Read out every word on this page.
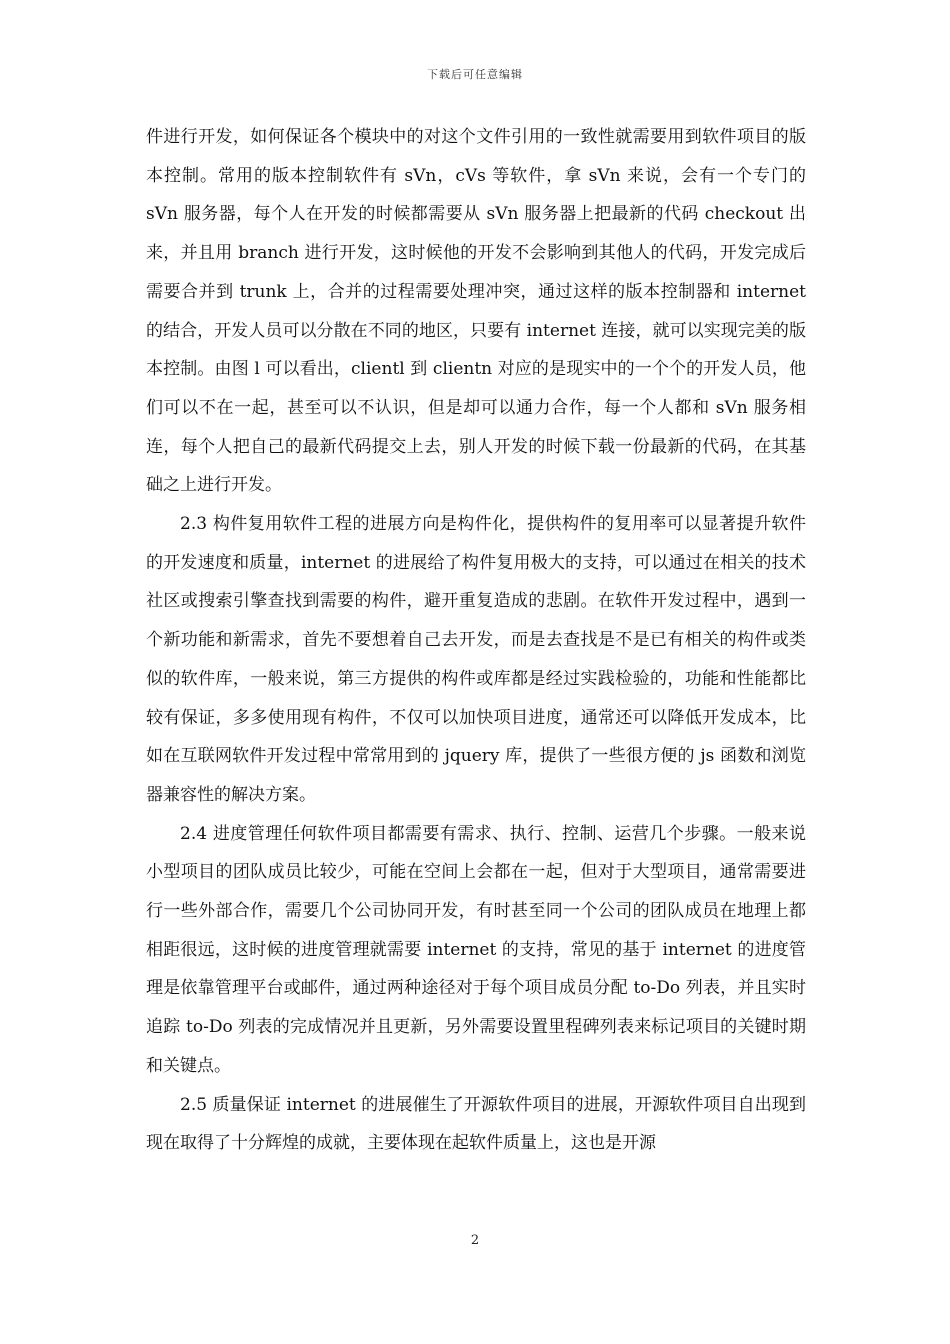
下载后可任意编辑

件进行开发，如何保证各个模块中的对这个文件引用的一致性就需要用到软件项目的版本控制。常用的版本控制软件有 sVn，cVs 等软件，拿 sVn 来说，会有一个专门的 sVn 服务器，每个人在开发的时候都需要从 sVn 服务器上把最新的代码 checkout 出来，并且用 branch 进行开发，这时候他的开发不会影响到其他人的代码，开发完成后需要合并到 trunk 上，合并的过程需要处理冲突，通过这样的版本控制器和 internet 的结合，开发人员可以分散在不同的地区，只要有 internet 连接，就可以实现完美的版本控制。由图 l 可以看出，clientl 到 clientn 对应的是现实中的一个个的开发人员，他们可以不在一起，甚至可以不认识，但是却可以通力合作，每一个人都和 sVn 服务相连，每个人把自己的最新代码提交上去，别人开发的时候下载一份最新的代码，在其基础之上进行开发。

2.3 构件复用软件工程的进展方向是构件化，提供构件的复用率可以显著提升软件的开发速度和质量，internet 的进展给了构件复用极大的支持，可以通过在相关的技术社区或搜索引擎查找到需要的构件，避开重复造成的悲剧。在软件开发过程中，遇到一个新功能和新需求，首先不要想着自己去开发，而是去查找是不是已有相关的构件或类似的软件库，一般来说，第三方提供的构件或库都是经过实践检验的，功能和性能都比较有保证，多多使用现有构件，不仅可以加快项目进度，通常还可以降低开发成本，比如在互联网软件开发过程中常常用到的 jquery 库，提供了一些很方便的 js 函数和浏览器兼容性的解决方案。

2.4 进度管理任何软件项目都需要有需求、执行、控制、运营几个步骤。一般来说小型项目的团队成员比较少，可能在空间上会都在一起，但对于大型项目，通常需要进行一些外部合作，需要几个公司协同开发，有时甚至同一个公司的团队成员在地理上都相距很远，这时候的进度管理就需要 internet 的支持，常见的基于 internet 的进度管理是依靠管理平台或邮件，通过两种途径对于每个项目成员分配 to-Do 列表，并且实时追踪 to-Do 列表的完成情况并且更新，另外需要设置里程碑列表来标记项目的关键时期和关键点。

2.5 质量保证 internet 的进展催生了开源软件项目的进展，开源软件项目自出现到现在取得了十分辉煌的成就，主要体现在起软件质量上，这也是开源

2
